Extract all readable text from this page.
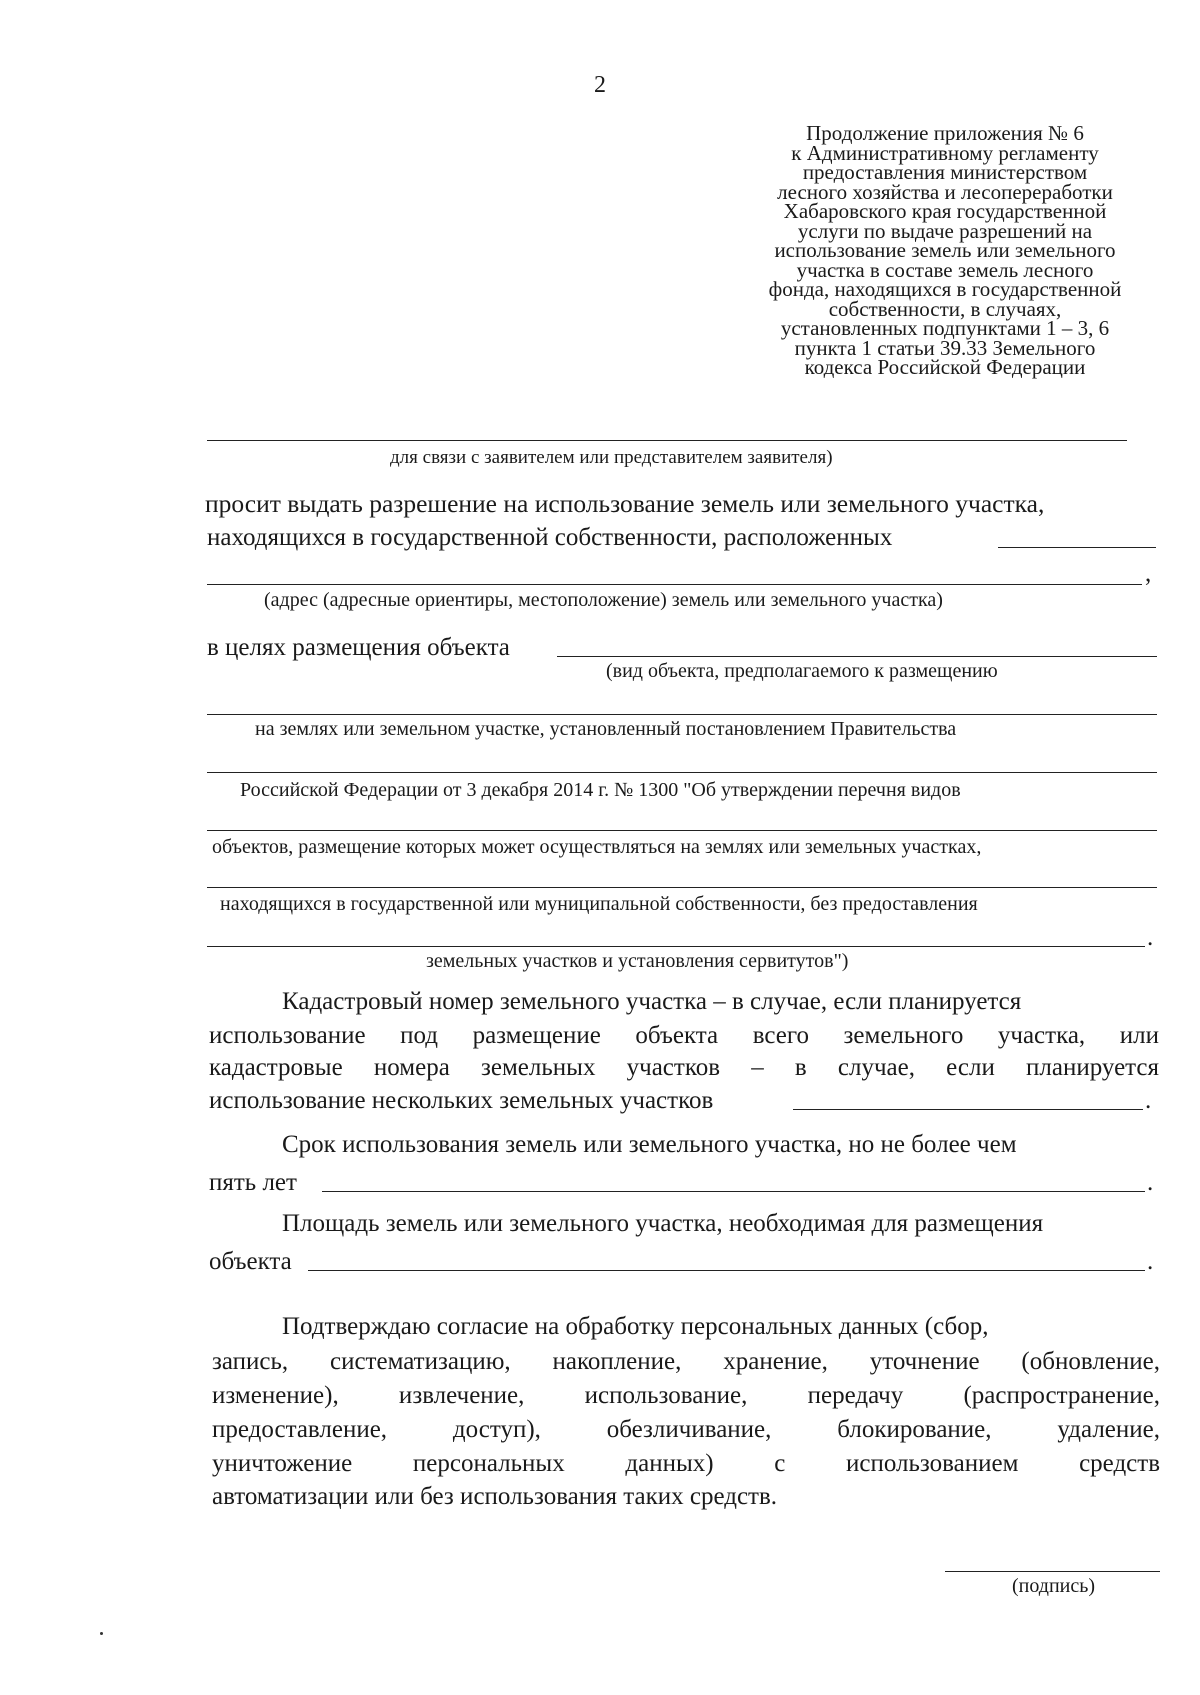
2
Продолжение приложения № 6
к Административному регламенту
предоставления министерством
лесного хозяйства и лесопереработки
Хабаровского края государственной
услуги по выдаче разрешений на
использование земель или земельного
участка в составе земель лесного
фонда, находящихся в государственной
собственности, в случаях,
установленных подпунктами 1 – 3, 6
пункта 1 статьи 39.33 Земельного
кодекса Российской Федерации
для связи с заявителем или представителем заявителя)
просит выдать разрешение на использование земель или земельного участка,
находящихся в государственной собственности, расположенных
,
(адрес (адресные ориентиры, местоположение) земель или земельного участка)
в целях размещения объекта
(вид объекта, предполагаемого к размещению
на землях или земельном участке, установленный постановлением Правительства
Российской Федерации от 3 декабря 2014 г. № 1300 "Об утверждении перечня видов
объектов, размещение которых может осуществляться на землях или земельных участках,
находящихся в государственной или муниципальной собственности, без предоставления
.
земельных участков и установления сервитутов")
Кадастровый номер земельного участка – в случае, если планируется
использование под размещение объекта всего земельного участка, или
кадастровые номера земельных участков – в случае, если планируется
использование нескольких земельных участков	.
Срок использования земель или земельного участка, но не более чем
пять лет	.
Площадь земель или земельного участка, необходимая для размещения
объекта	.
Подтверждаю согласие на обработку персональных данных (сбор,
запись, систематизацию, накопление, хранение, уточнение (обновление,
изменение), извлечение, использование, передачу (распространение,
предоставление, доступ), обезличивание, блокирование, удаление,
уничтожение персональных данных) с использованием средств
автоматизации или без использования таких средств.
(подпись)
